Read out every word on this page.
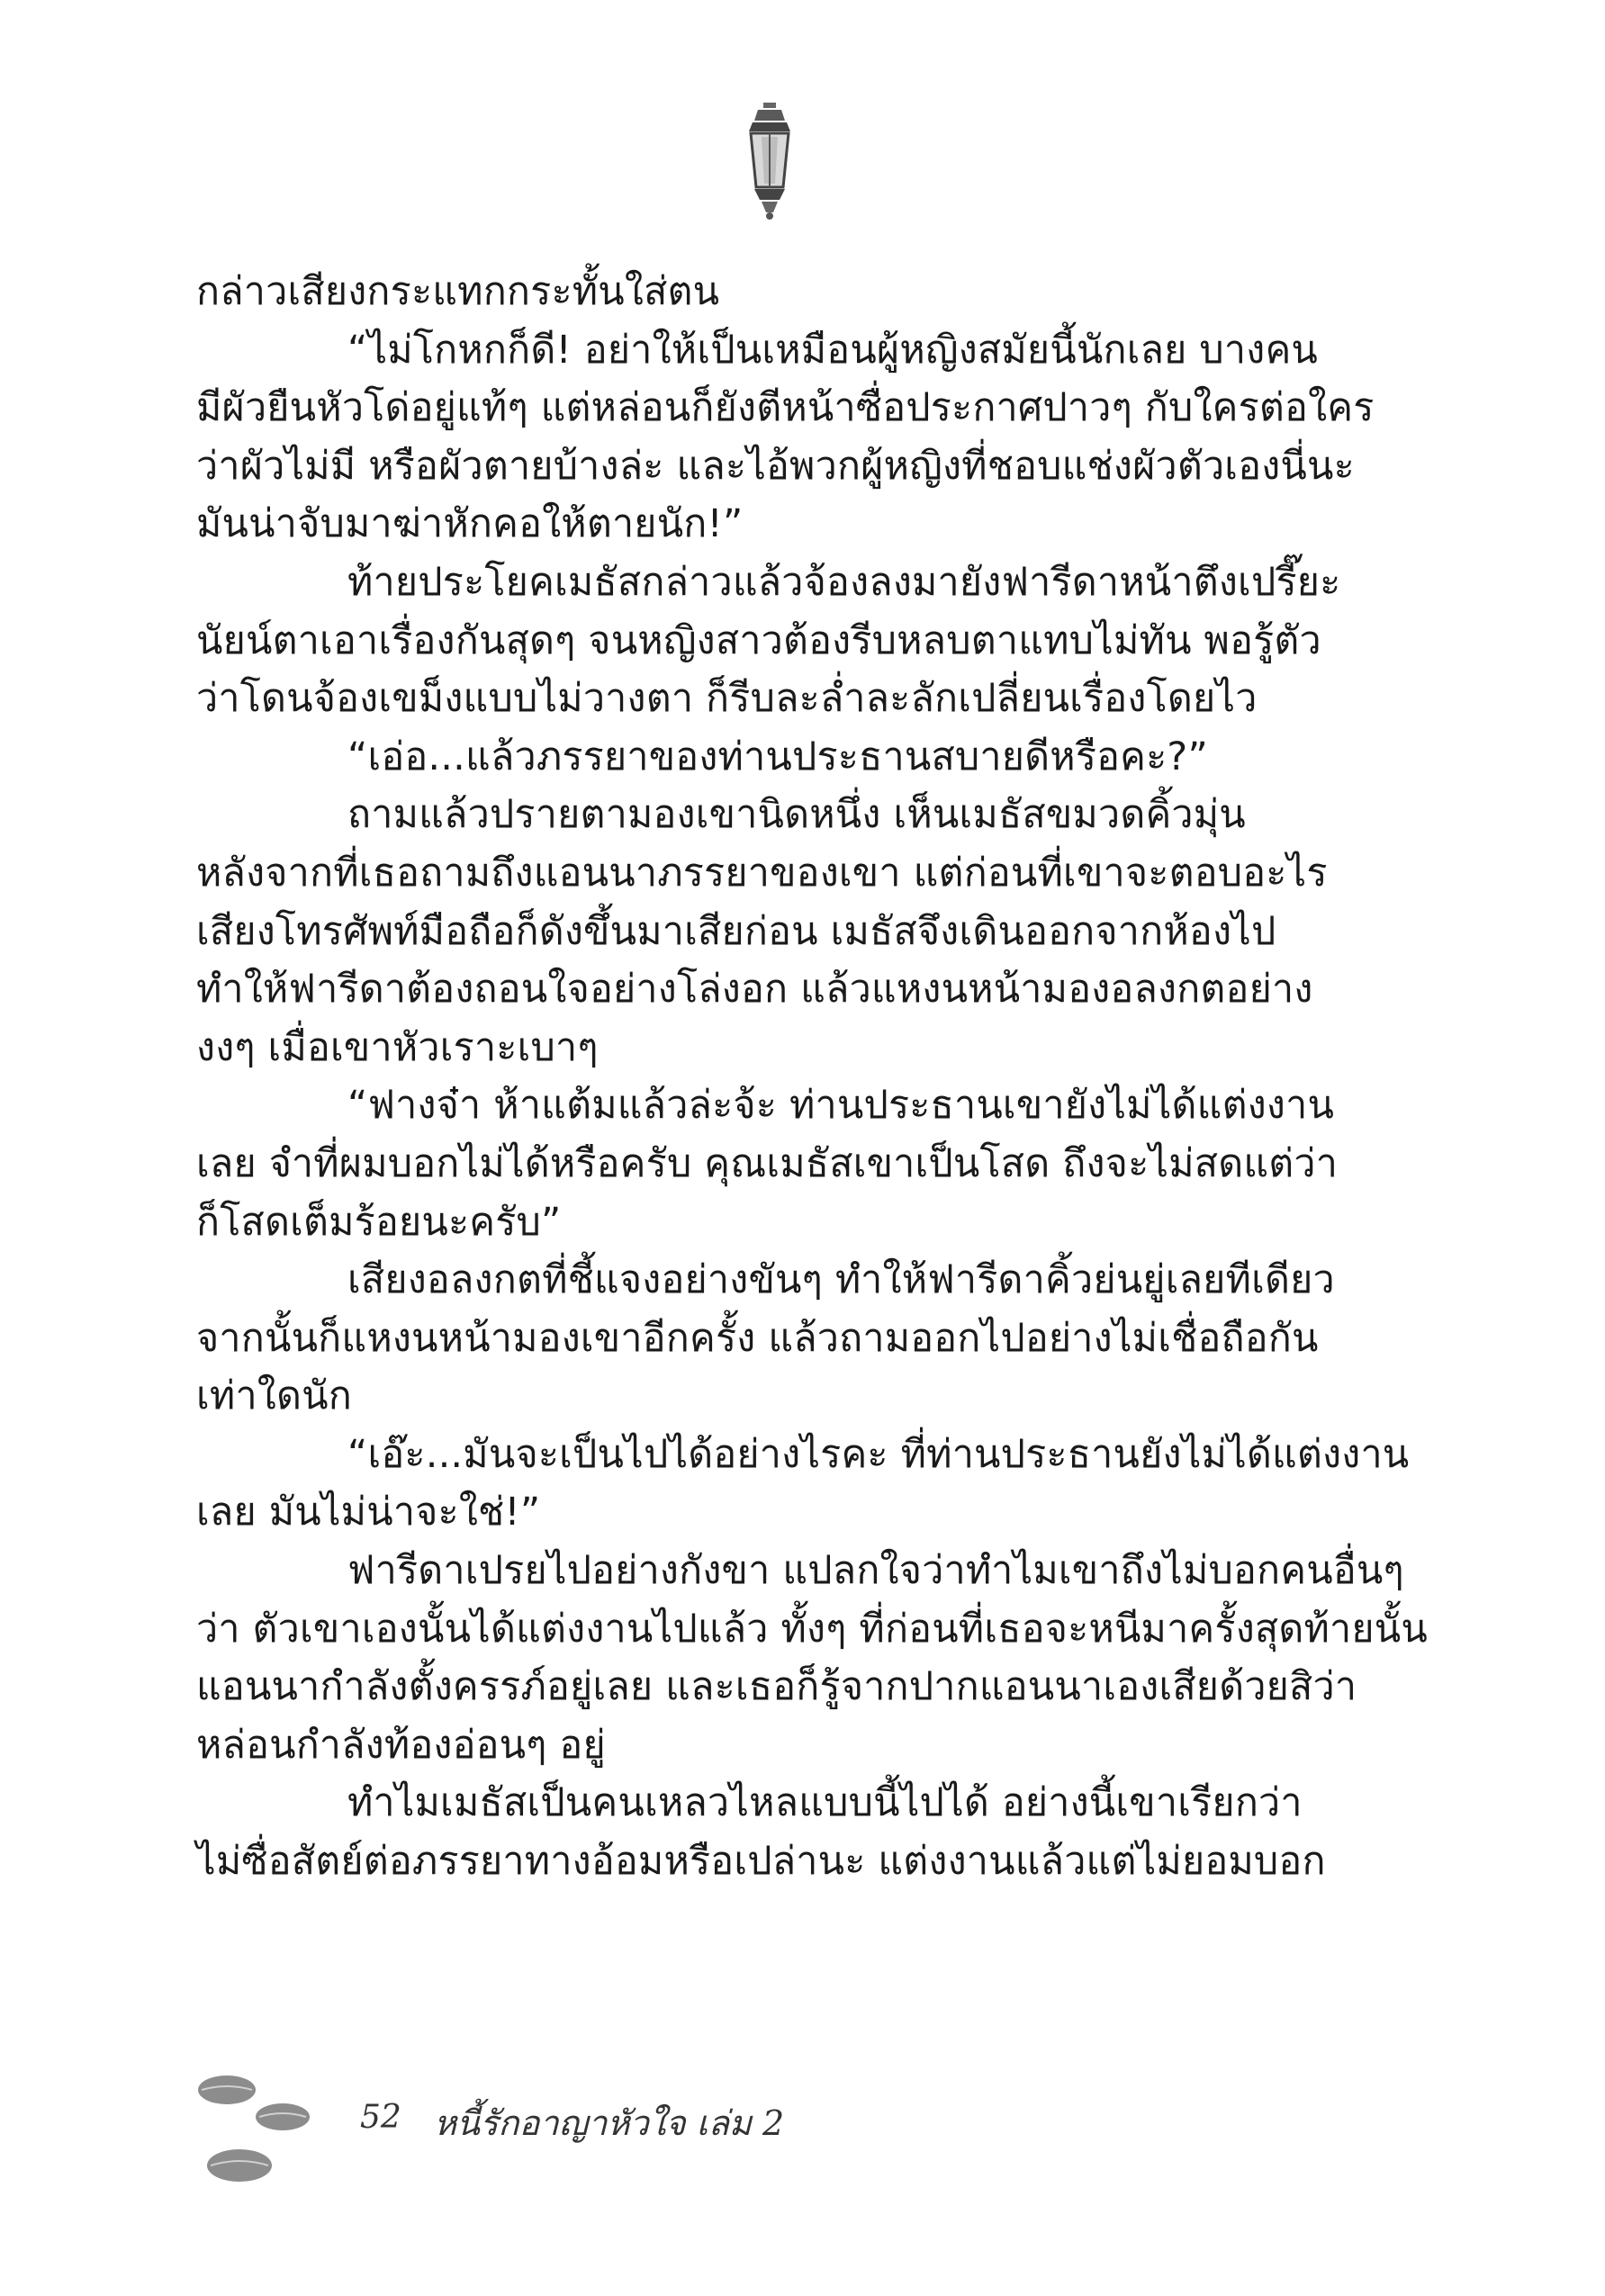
กล่าวเสียงกระแทกกระทั้นใส่ตน
“ไม่โกหกก็ดี! อย่าให้เป็นเหมือนผู้หญิงสมัยนี้นักเลย บางคน
มีผัวยืนหัวโด่อยู่แท้ๆ แต่หล่อนก็ยังตีหน้าซื่อประกาศปาวๆ กับใครต่อใคร
ว่าผัวไม่มี หรือผัวตายบ้างล่ะ และไอ้พวกผู้หญิงที่ชอบแช่งผัวตัวเองนี่นะ
มันน่าจับมาฆ่าหักคอให้ตายนัก!”
ท้ายประโยคเมธัสกล่าวแล้วจ้องลงมายังฟารีดาหน้าตึงเปรี๊ยะ
นัยน์ตาเอาเรื่องกันสุดๆ จนหญิงสาวต้องรีบหลบตาแทบไม่ทัน พอรู้ตัว
ว่าโดนจ้องเขม็งแบบไม่วางตา ก็รีบละล่ำละลักเปลี่ยนเรื่องโดยไว
“เอ่อ...แล้วภรรยาของท่านประธานสบายดีหรือคะ?”
ถามแล้วปรายตามองเขานิดหนึ่ง เห็นเมธัสขมวดคิ้วมุ่น
หลังจากที่เธอถามถึงแอนนาภรรยาของเขา แต่ก่อนที่เขาจะตอบอะไร
เสียงโทรศัพท์มือถือก็ดังขึ้นมาเสียก่อน เมธัสจึงเดินออกจากห้องไป
ทำให้ฟารีดาต้องถอนใจอย่างโล่งอก แล้วแหงนหน้ามองอลงกตอย่าง
งงๆ เมื่อเขาหัวเราะเบาๆ
“ฟางจ๋า ห้าแต้มแล้วล่ะจ้ะ ท่านประธานเขายังไม่ได้แต่งงาน
เลย จำที่ผมบอกไม่ได้หรือครับ คุณเมธัสเขาเป็นโสด ถึงจะไม่สดแต่ว่า
ก็โสดเต็มร้อยนะครับ”
เสียงอลงกตที่ชี้แจงอย่างขันๆ ทำให้ฟารีดาคิ้วย่นยู่เลยทีเดียว
จากนั้นก็แหงนหน้ามองเขาอีกครั้ง แล้วถามออกไปอย่างไม่เชื่อถือกัน
เท่าใดนัก
“เอ๊ะ...มันจะเป็นไปได้อย่างไรคะ ที่ท่านประธานยังไม่ได้แต่งงาน
เลย มันไม่น่าจะใช่!”
ฟารีดาเปรยไปอย่างกังขา แปลกใจว่าทำไมเขาถึงไม่บอกคนอื่นๆ
ว่า ตัวเขาเองนั้นได้แต่งงานไปแล้ว ทั้งๆ ที่ก่อนที่เธอจะหนีมาครั้งสุดท้ายนั้น
แอนนากำลังตั้งครรภ์อยู่เลย และเธอก็รู้จากปากแอนนาเองเสียด้วยสิว่า
หล่อนกำลังท้องอ่อนๆ อยู่
ทำไมเมธัสเป็นคนเหลวไหลแบบนี้ไปได้ อย่างนี้เขาเรียกว่า
ไม่ซื่อสัตย์ต่อภรรยาทางอ้อมหรือเปล่านะ แต่งงานแล้วแต่ไม่ยอมบอก
52 หนี้รักอาญาหัวใจ เล่ม 2
